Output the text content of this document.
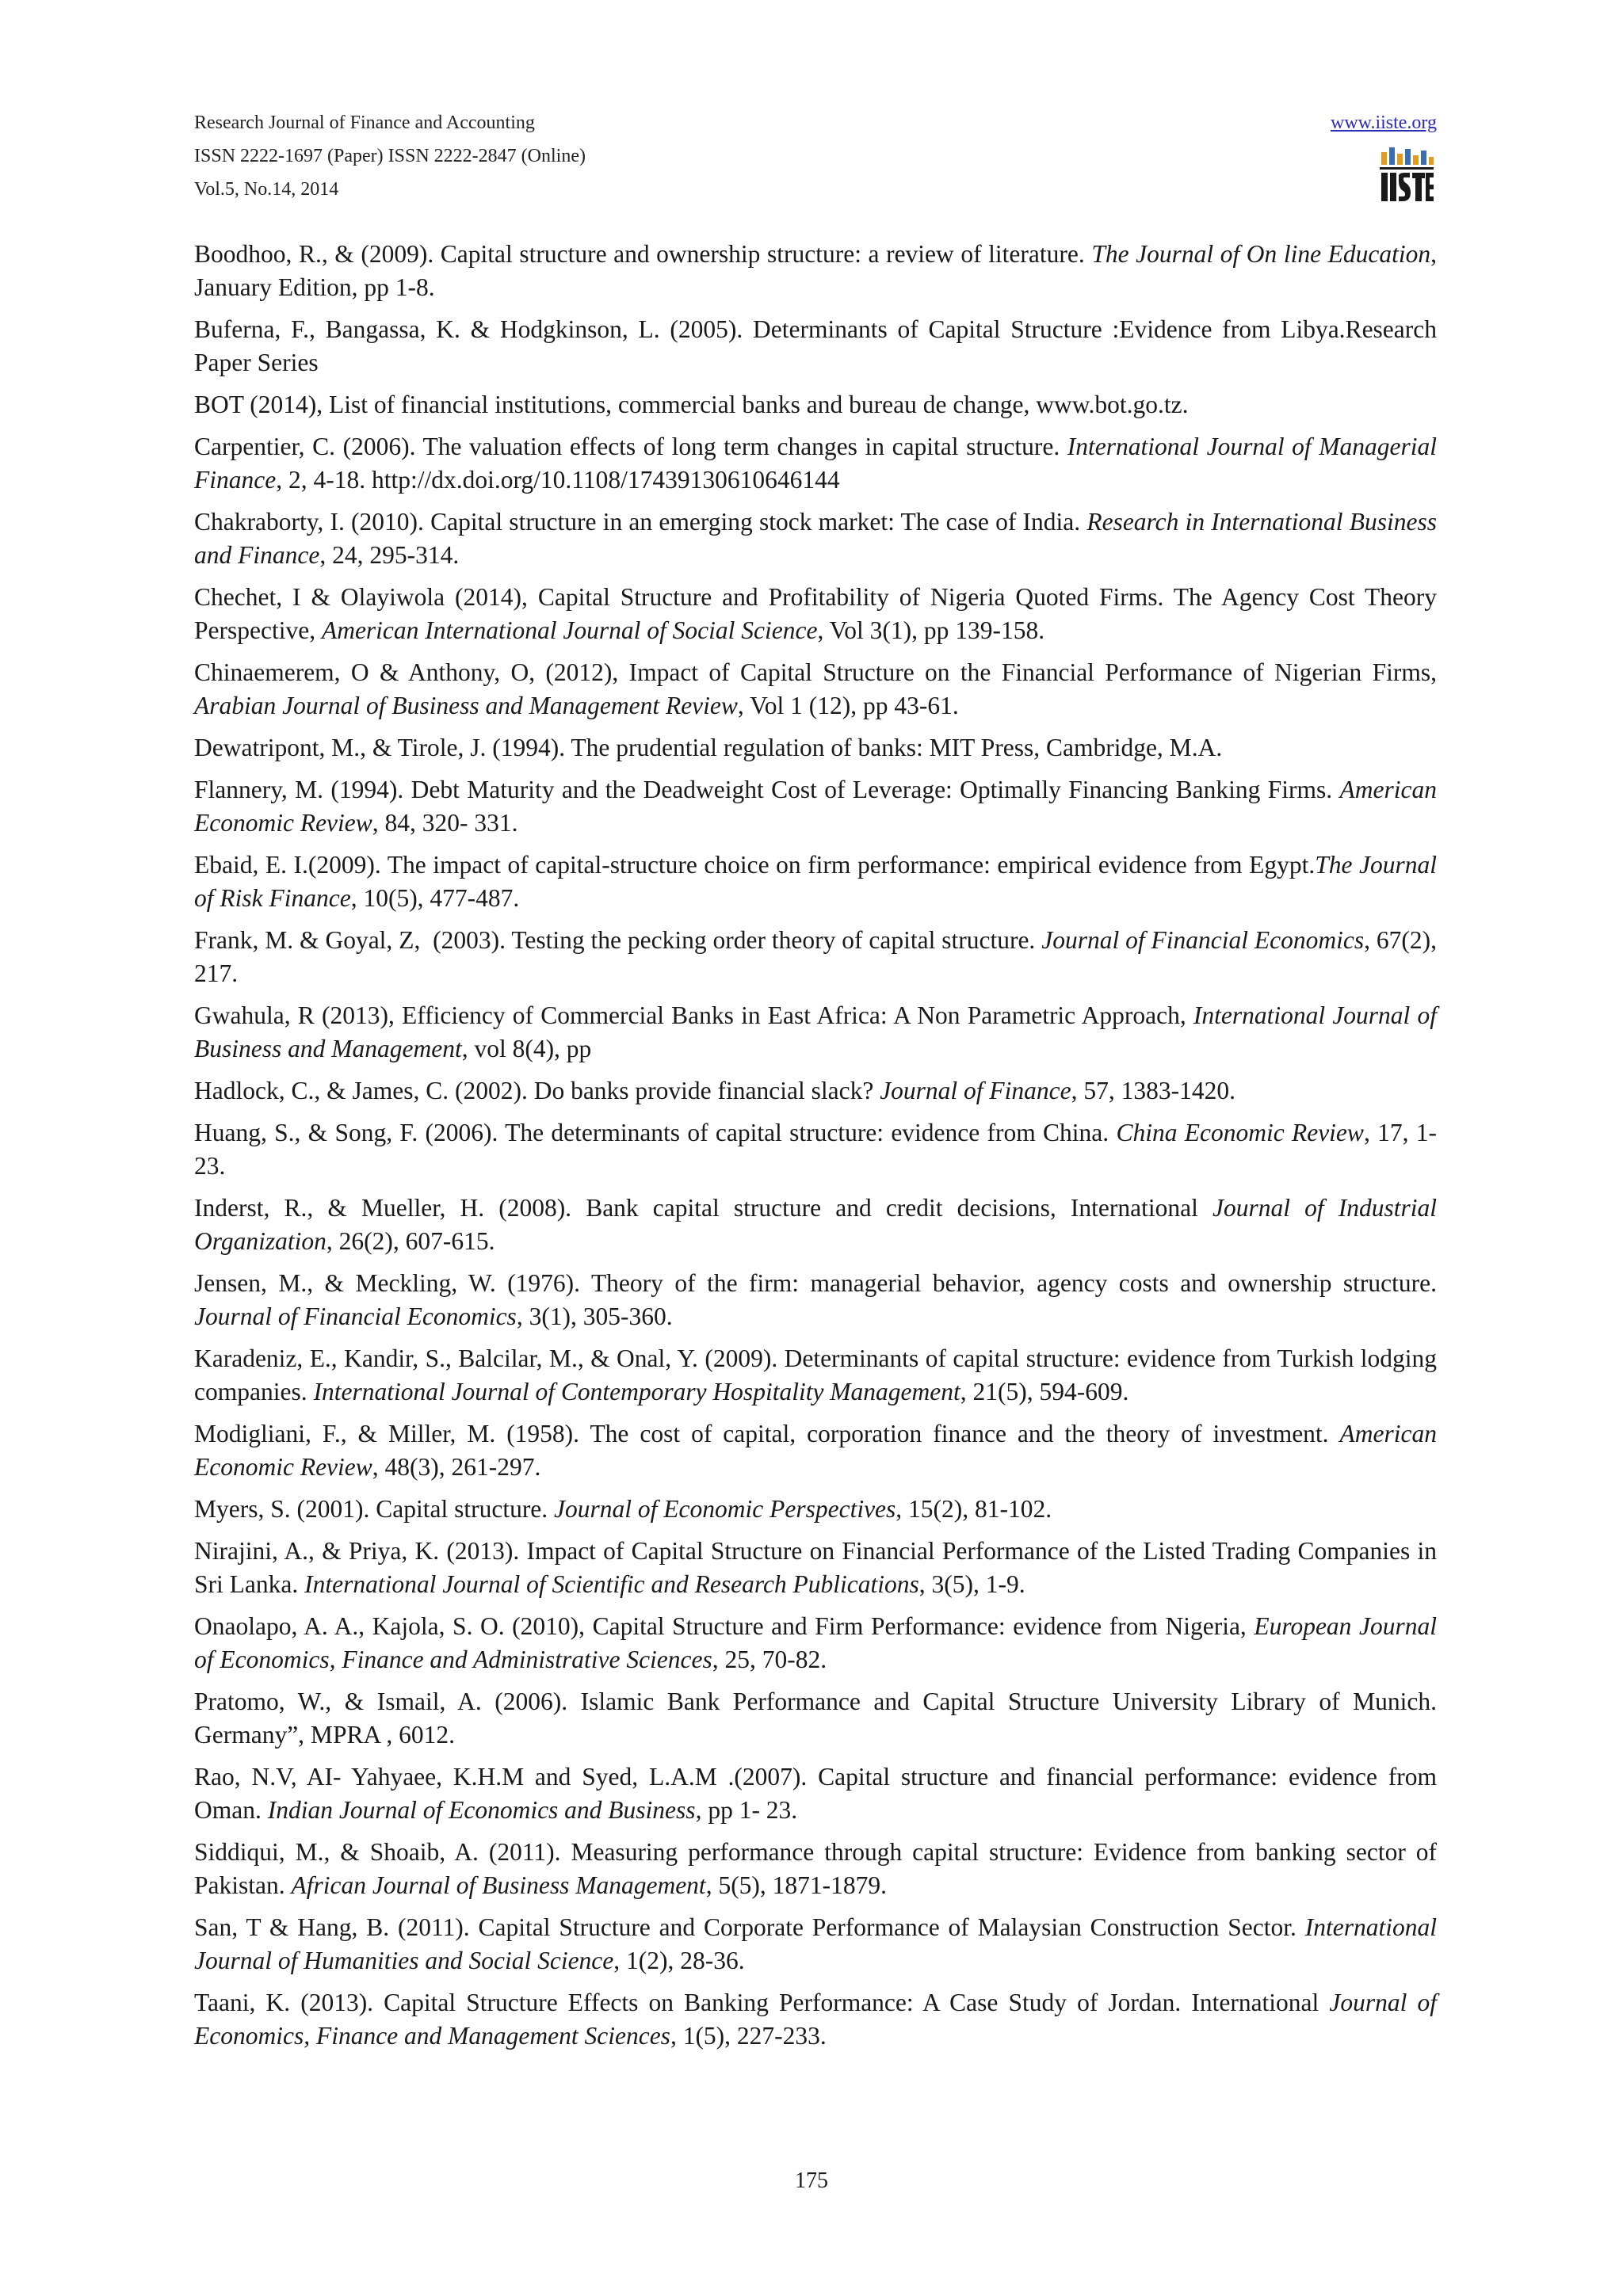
Research Journal of Finance and Accounting
ISSN 2222-1697 (Paper) ISSN 2222-2847 (Online)
Vol.5, No.14, 2014
www.iiste.org

Boodhoo, R., & (2009). Capital structure and ownership structure: a review of literature. The Journal of On line Education, January Edition, pp 1-8.

Buferna, F., Bangassa, K. & Hodgkinson, L. (2005). Determinants of Capital Structure :Evidence from Libya.Research Paper Series

BOT (2014), List of financial institutions, commercial banks and bureau de change, www.bot.go.tz.

Carpentier, C. (2006). The valuation effects of long term changes in capital structure. International Journal of Managerial Finance, 2, 4-18. http://dx.doi.org/10.1108/17439130610646144

Chakraborty, I. (2010). Capital structure in an emerging stock market: The case of India. Research in International Business and Finance, 24, 295-314.

Chechet, I & Olayiwola (2014), Capital Structure and Profitability of Nigeria Quoted Firms. The Agency Cost Theory Perspective, American International Journal of Social Science, Vol 3(1), pp 139-158.

Chinaemerem, O & Anthony, O, (2012), Impact of Capital Structure on the Financial Performance of Nigerian Firms, Arabian Journal of Business and Management Review, Vol 1 (12), pp 43-61.

Dewatripont, M., & Tirole, J. (1994). The prudential regulation of banks: MIT Press, Cambridge, M.A.

Flannery, M. (1994). Debt Maturity and the Deadweight Cost of Leverage: Optimally Financing Banking Firms. American Economic Review, 84, 320- 331.

Ebaid, E. I.(2009). The impact of capital-structure choice on firm performance: empirical evidence from Egypt.The Journal of Risk Finance, 10(5), 477-487.

Frank, M. & Goyal, Z,  (2003). Testing the pecking order theory of capital structure. Journal of Financial Economics, 67(2), 217.

Gwahula, R (2013), Efficiency of Commercial Banks in East Africa: A Non Parametric Approach, International Journal of Business and Management, vol 8(4), pp

Hadlock, C., & James, C. (2002). Do banks provide financial slack? Journal of Finance, 57, 1383-1420.

Huang, S., & Song, F. (2006). The determinants of capital structure: evidence from China. China Economic Review, 17, 1-23.

Inderst, R., & Mueller, H. (2008). Bank capital structure and credit decisions, International Journal of Industrial Organization, 26(2), 607-615.

Jensen, M., & Meckling, W. (1976). Theory of the firm: managerial behavior, agency costs and ownership structure. Journal of Financial Economics, 3(1), 305-360.

Karadeniz, E., Kandir, S., Balcilar, M., & Onal, Y. (2009). Determinants of capital structure: evidence from Turkish lodging companies. International Journal of Contemporary Hospitality Management, 21(5), 594-609.

Modigliani, F., & Miller, M. (1958). The cost of capital, corporation finance and the theory of investment. American Economic Review, 48(3), 261-297.

Myers, S. (2001). Capital structure. Journal of Economic Perspectives, 15(2), 81-102.

Nirajini, A., & Priya, K. (2013). Impact of Capital Structure on Financial Performance of the Listed Trading Companies in Sri Lanka. International Journal of Scientific and Research Publications, 3(5), 1-9.

Onaolapo, A. A., Kajola, S. O. (2010), Capital Structure and Firm Performance: evidence from Nigeria, European Journal of Economics, Finance and Administrative Sciences, 25, 70-82.

Pratomo, W., & Ismail, A. (2006). Islamic Bank Performance and Capital Structure University Library of Munich. Germany”, MPRA , 6012.

Rao, N.V, AI- Yahyaee, K.H.M and Syed, L.A.M .(2007). Capital structure and financial performance: evidence from Oman. Indian Journal of Economics and Business, pp 1- 23.

Siddiqui, M., & Shoaib, A. (2011). Measuring performance through capital structure: Evidence from banking sector of Pakistan. African Journal of Business Management, 5(5), 1871-1879.

San, T & Hang, B. (2011). Capital Structure and Corporate Performance of Malaysian Construction Sector. International Journal of Humanities and Social Science, 1(2), 28-36.

Taani, K. (2013). Capital Structure Effects on Banking Performance: A Case Study of Jordan. International Journal of Economics, Finance and Management Sciences, 1(5), 227-233.

175
